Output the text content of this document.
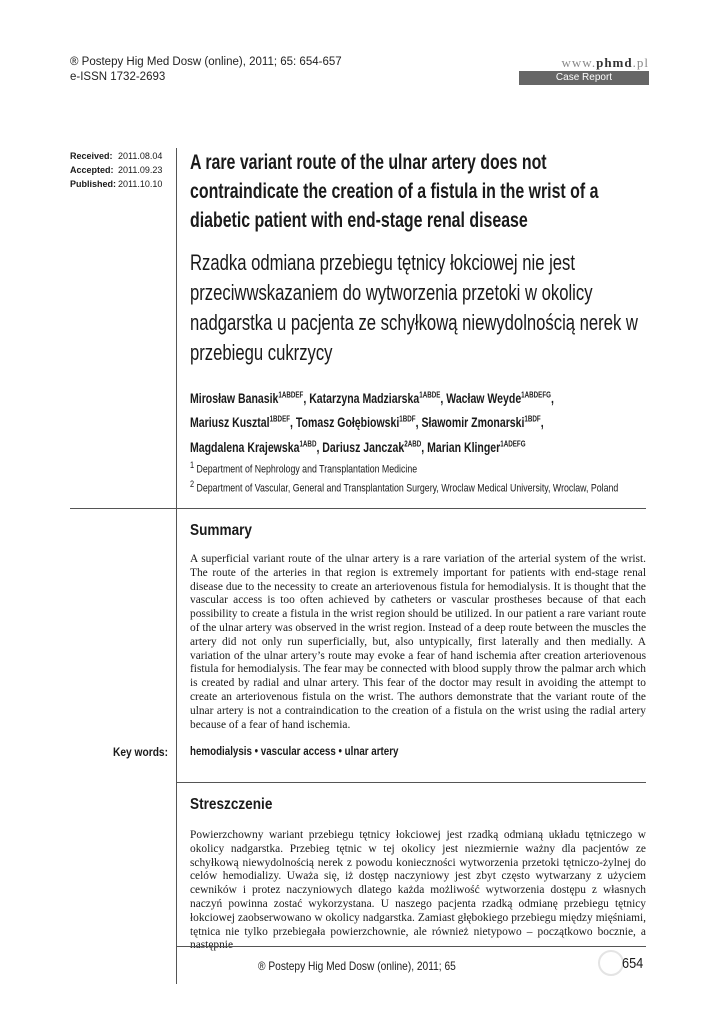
® Postepy Hig Med Dosw (online), 2011; 65: 654-657
e-ISSN 1732-2693
www.phmd.pl
Case Report
Received: 2011.08.04
Accepted: 2011.09.23
Published: 2011.10.10
A rare variant route of the ulnar artery does not contraindicate the creation of a fistula in the wrist of a diabetic patient with end-stage renal disease
Rzadka odmiana przebiegu tętnicy łokciowej nie jest przeciwwskazaniem do wytworzenia przetoki w okolicy nadgarstka u pacjenta ze schyłkową niewydolnością nerek w przebiegu cukrzycy
Mirosław Banasik$^{1ABDEF}$, Katarzyna Madziarska$^{1ABDE}$, Wacław Weyde$^{1ABDEFG}$,
Mariusz Kusztal$^{1BDEF}$, Tomasz Gołębiowski$^{1BDF}$, Sławomir Zmonarski$^{1BDF}$,
Magdalena Krajewska$^{1ABD}$, Dariusz Janczak$^{2ABD}$, Marian Klinger$^{1ADEFG}$
$^1$ Department of Nephrology and Transplantation Medicine
$^2$ Department of Vascular, General and Transplantation Surgery, Wroclaw Medical University, Wroclaw, Poland
Summary
A superficial variant route of the ulnar artery is a rare variation of the arterial system of the wrist. The route of the arteries in that region is extremely important for patients with end-stage renal disease due to the necessity to create an arteriovenous fistula for hemodialysis. It is thought that the vascular access is too often achieved by catheters or vascular prostheses because of that each possibility to create a fistula in the wrist region should be utilized. In our patient a rare variant route of the ulnar artery was observed in the wrist region. Instead of a deep route between the muscles the artery did not only run superficially, but, also untypically, first laterally and then medially. A variation of the ulnar artery’s route may evoke a fear of hand ischemia after creation arteriovenous fistula for hemodialysis. The fear may be connected with blood supply throw the palmar arch which is created by radial and ulnar artery. This fear of the doctor may result in avoiding the attempt to create an arteriovenous fistula on the wrist. The authors demonstrate that the variant route of the ulnar artery is not a contraindication to the creation of a fistula on the wrist using the radial artery because of a fear of hand ischemia.
Key words: hemodialysis • vascular access • ulnar artery
Streszczenie
Powierzchowny wariant przebiegu tętnicy łokciowej jest rzadką odmianą układu tętniczego w okolicy nadgarstka. Przebieg tętnic w tej okolicy jest niezmiernie ważny dla pacjentów ze schyłkową niewydolnością nerek z powodu konieczności wytworzenia przetoki tętniczo-żylnej do celów hemodializy. Uważa się, iż dostęp naczyniowy jest zbyt często wytwarzany z użyciem cewników i protez naczyniowych dlatego każda możliwość wytworzenia dostępu z własnych naczyń powinna zostać wykorzystana. U naszego pacjenta rzadką odmianę przebiegu tętnicy łokciowej zaobserwowano w okolicy nadgarstka. Zamiast głębokiego przebiegu między mięśniami, tętnica nie tylko przebiegała powierzchownie, ale również nietypowo – początkowo bocznie, a
® Postepy Hig Med Dosw (online), 2011; 65	654
